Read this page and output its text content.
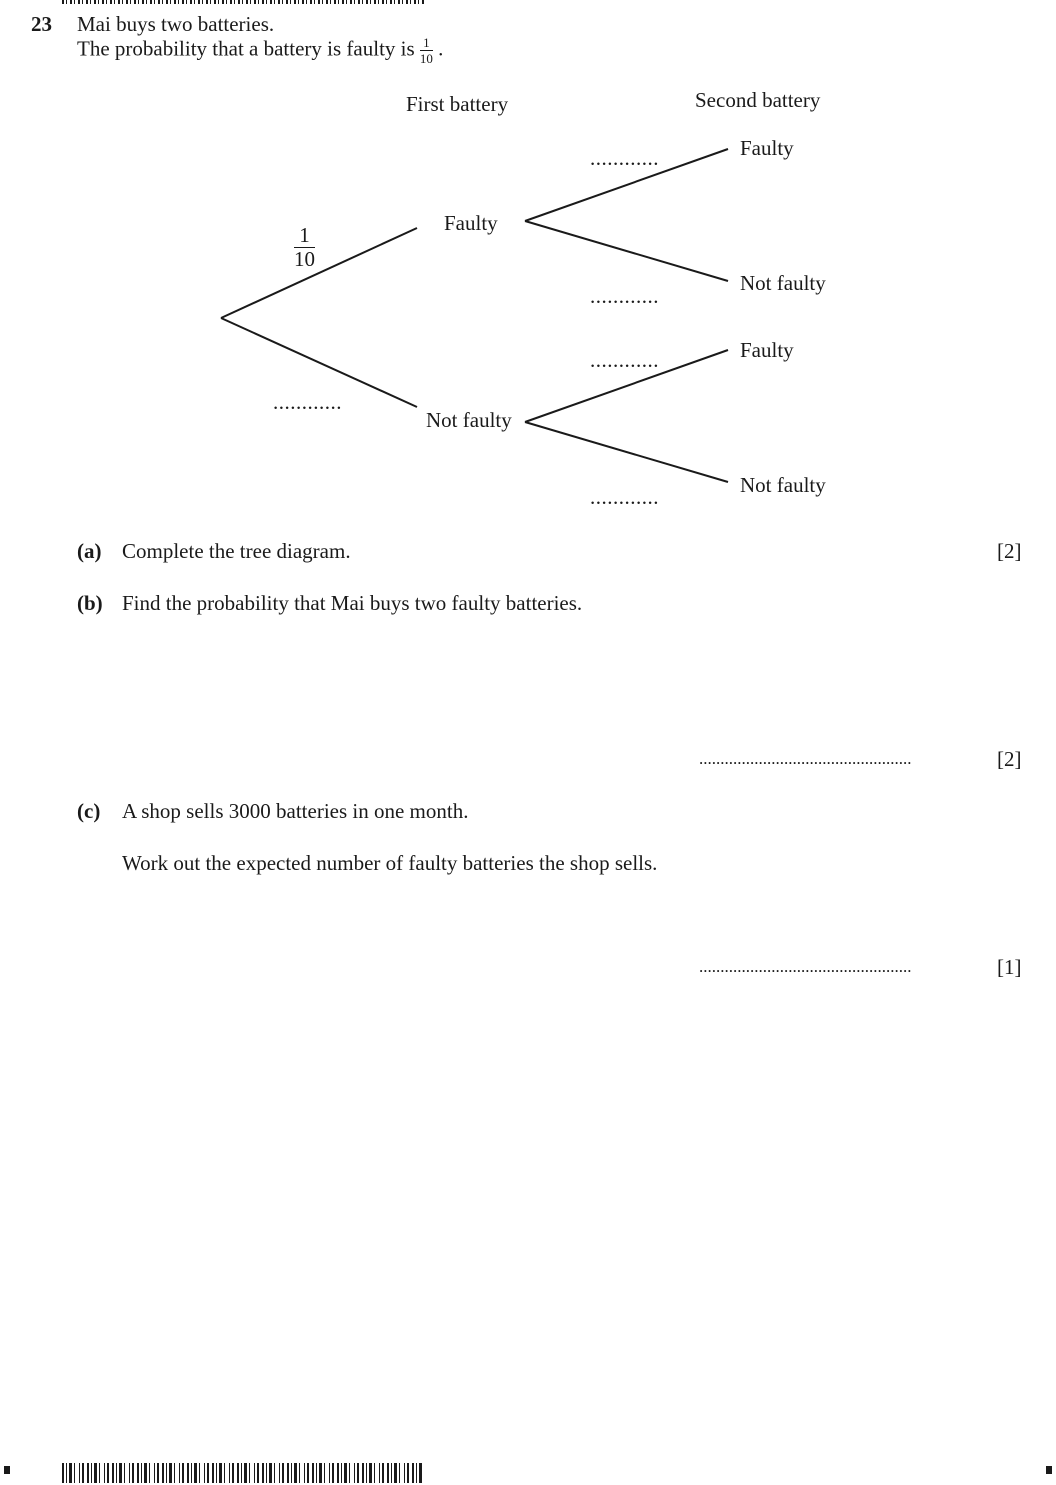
23 Mai buys two batteries.
The probability that a battery is faulty is $\frac{1}{10}$ .
First battery	Second battery
Faulty
Not faulty
$\frac{1}{10}$
............
Faulty
Not faulty
Faulty
Not faulty
............
............
............
............
(a) Complete the tree diagram.	[2]
(b) Find the probability that Mai buys two faulty batteries.
..................................................	[2]
(c) A shop sells 3000 batteries in one month.
Work out the expected number of faulty batteries the shop sells.
..................................................	[1]
